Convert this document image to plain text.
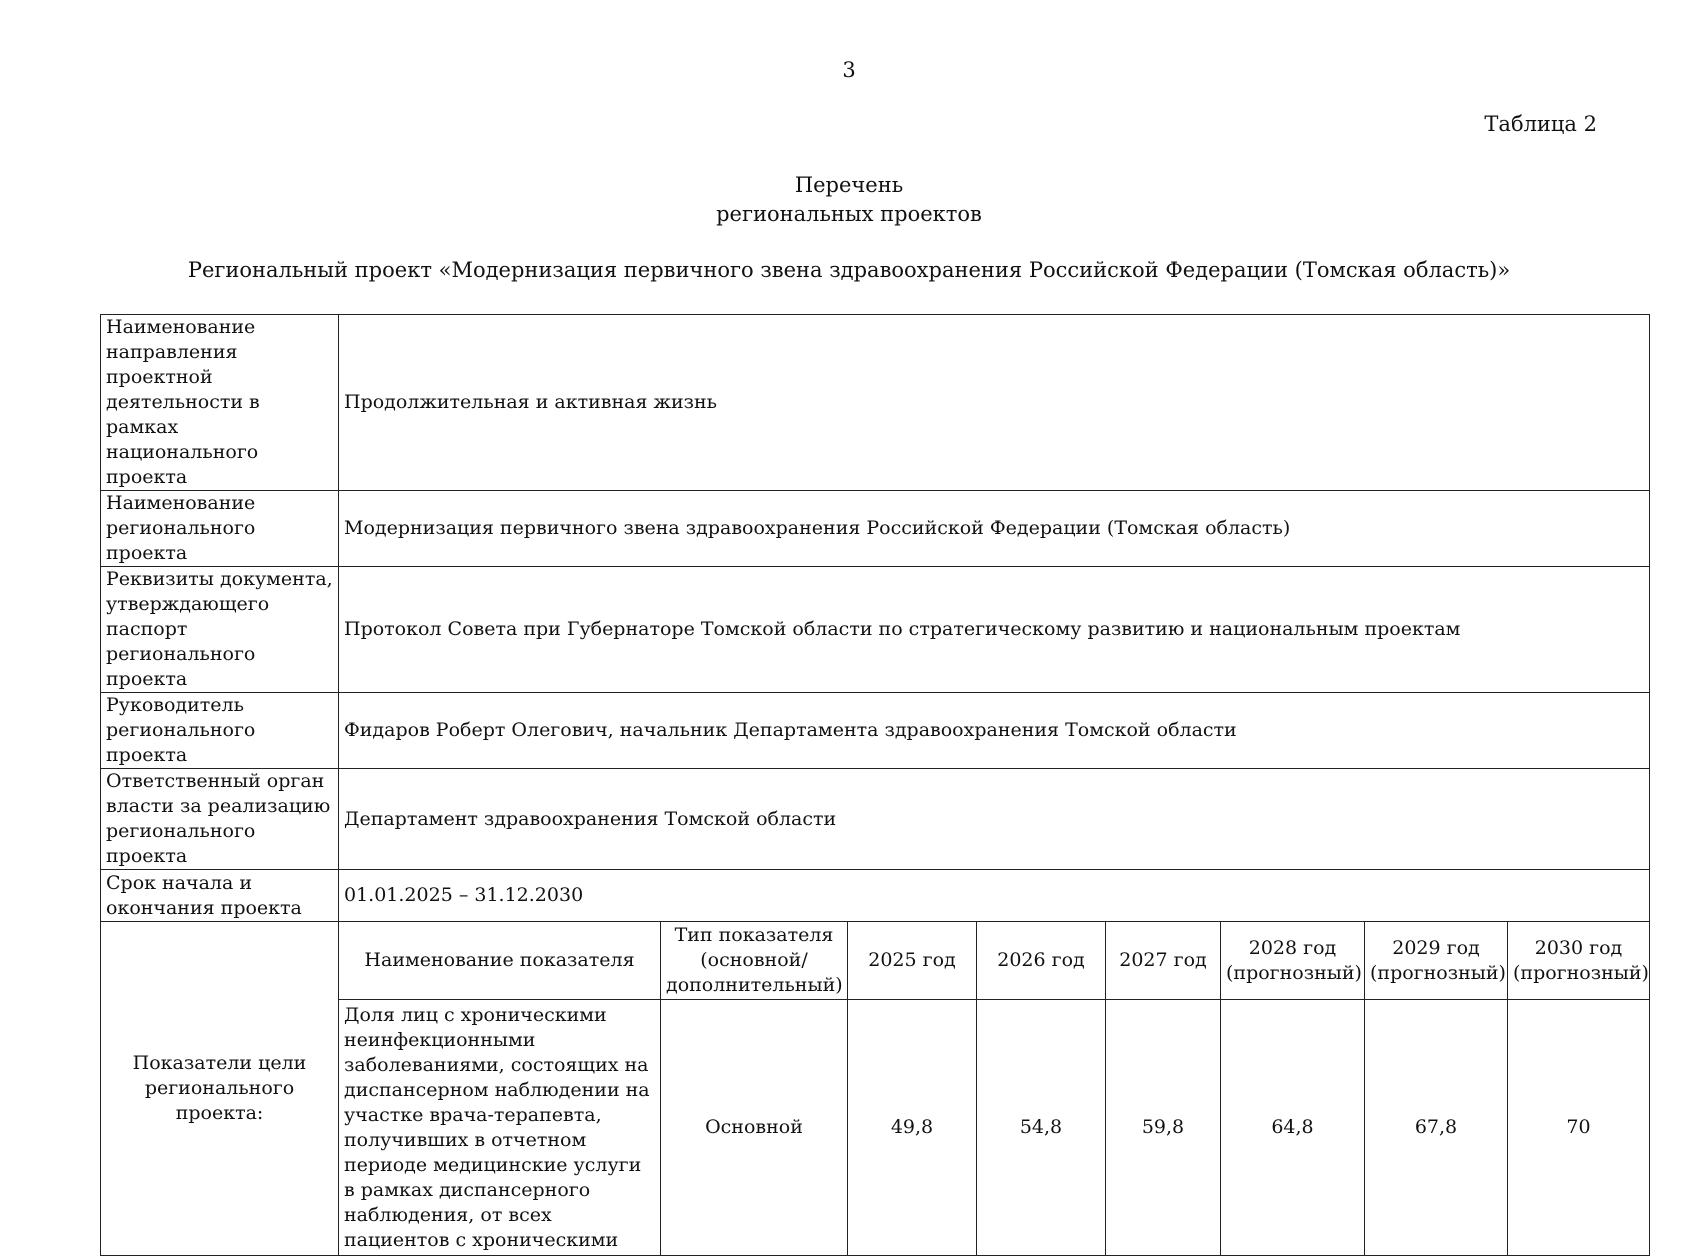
3
Таблица 2
Перечень
региональных проектов
Региональный проект «Модернизация первичного звена здравоохранения Российской Федерации (Томская область)»
Наименование направления проектной деятельности в рамках национального проекта	Продолжительная и активная жизнь							
Наименование регионального проекта	Модернизация первичного звена здравоохранения Российской Федерации (Томская область)							
Реквизиты документа, утверждающего паспорт регионального проекта	Протокол Совета при Губернаторе Томской области по стратегическому развитию и национальным проектам							
Руководитель регионального проекта	Фидаров Роберт Олегович, начальник Департамента здравоохранения Томской области							
Ответственный орган власти за реализацию регионального проекта	Департамент здравоохранения Томской области							
Срок начала и окончания проекта	01.01.2025 – 31.12.2030							
Показатели цели регионального проекта:	Наименование показателя	Тип показателя (основной/ дополнительный)	2025 год	2026 год	2027 год	2028 год (прогнозный)	2029 год (прогнозный)	2030 год (прогнозный)
	Доля лиц с хроническими неинфекционными заболеваниями, состоящих на диспансерном наблюдении на участке врача-терапевта, получивших в отчетном периоде медицинские услуги в рамках диспансерного наблюдения, от всех пациентов с хроническими	Основной	49,8	54,8	59,8	64,8	67,8	70
